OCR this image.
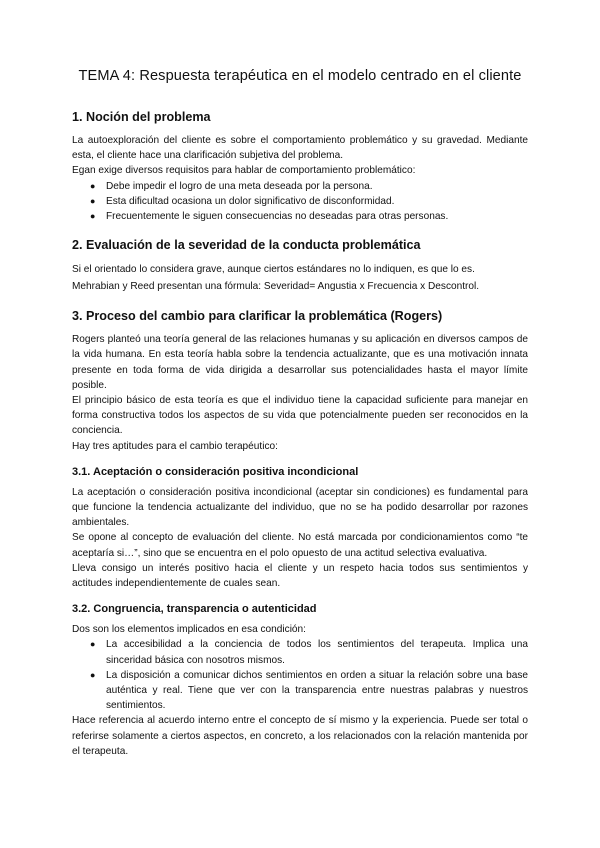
TEMA 4: Respuesta terapéutica en el modelo centrado en el cliente
1. Noción del problema

La autoexploración del cliente es sobre el comportamiento problemático y su gravedad. Mediante esta, el cliente hace una clarificación subjetiva del problema.

Egan exige diversos requisitos para hablar de comportamiento problemático:

● Debe impedir el logro de una meta deseada por la persona.
● Esta dificultad ocasiona un dolor significativo de disconformidad.
● Frecuentemente le siguen consecuencias no deseadas para otras personas.
2. Evaluación de la severidad de la conducta problemática

Si el orientado lo considera grave, aunque ciertos estándares no lo indiquen, es que lo es.

Mehrabian y Reed presentan una fórmula: Severidad= Angustia x Frecuencia x Descontrol.

3. Proceso del cambio para clarificar la problemática (Rogers)

Rogers planteó una teoría general de las relaciones humanas y su aplicación en diversos campos de la vida humana. En esta teoría habla sobre la tendencia actualizante, que es una motivación innata presente en toda forma de vida dirigida a desarrollar sus potencialidades hasta el mayor límite posible.

El principio básico de esta teoría es que el individuo tiene la capacidad suficiente para manejar en forma constructiva todos los aspectos de su vida que potencialmente pueden ser reconocidos en la conciencia.

Hay tres aptitudes para el cambio terapéutico:

3.1. Aceptación o consideración positiva incondicional

La aceptación o consideración positiva incondicional (aceptar sin condiciones) es fundamental para que funcione la tendencia actualizante del individuo, que no se ha podido desarrollar por razones ambientales.

Se opone al concepto de evaluación del cliente. No está marcada por condicionamientos como “te aceptaría si…”, sino que se encuentra en el polo opuesto de una actitud selectiva evaluativa.

Lleva consigo un interés positivo hacia el cliente y un respeto hacia todos sus sentimientos y actitudes independientemente de cuales sean.

3.2. Congruencia, transparencia o autenticidad

Dos son los elementos implicados en esa condición:

● La accesibilidad a la conciencia de todos los sentimientos del terapeuta. Implica una sinceridad básica con nosotros mismos.
● La disposición a comunicar dichos sentimientos en orden a situar la relación sobre una base auténtica y real. Tiene que ver con la transparencia entre nuestras palabras y nuestros sentimientos.

Hace referencia al acuerdo interno entre el concepto de sí mismo y la experiencia. Puede ser total o referirse solamente a ciertos aspectos, en concreto, a los relacionados con la relación mantenida por el terapeuta.
